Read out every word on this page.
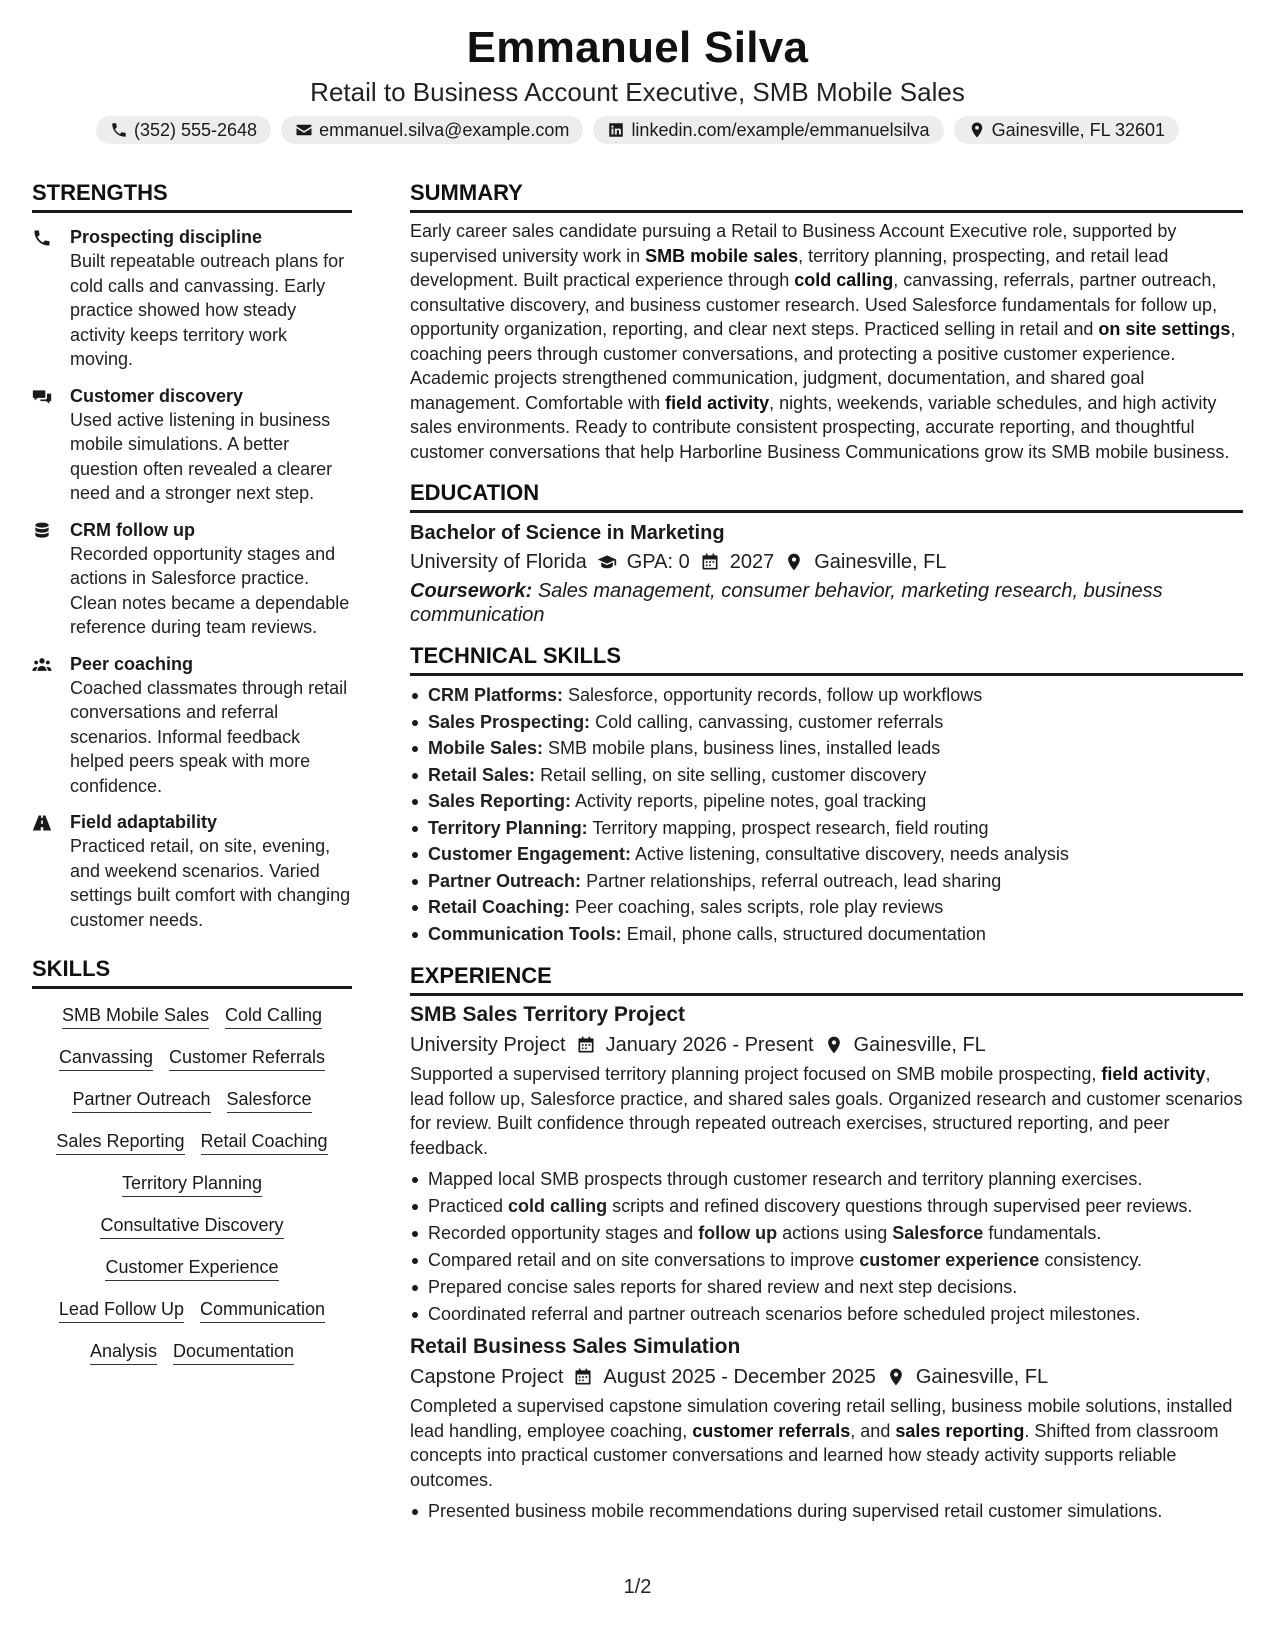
Emmanuel Silva
Retail to Business Account Executive, SMB Mobile Sales
(352) 555-2648	emmanuel.silva@example.com	linkedin.com/example/emmanuelsilva	Gainesville, FL 32601
STRENGTHS
Prospecting discipline
Built repeatable outreach plans for cold calls and canvassing. Early practice showed how steady activity keeps territory work moving.
Customer discovery
Used active listening in business mobile simulations. A better question often revealed a clearer need and a stronger next step.
CRM follow up
Recorded opportunity stages and actions in Salesforce practice. Clean notes became a dependable reference during team reviews.
Peer coaching
Coached classmates through retail conversations and referral scenarios. Informal feedback helped peers speak with more confidence.
Field adaptability
Practiced retail, on site, evening, and weekend scenarios. Varied settings built comfort with changing customer needs.
SKILLS
SMB Mobile Sales Cold Calling
Canvassing Customer Referrals
Partner Outreach Salesforce
Sales Reporting Retail Coaching
Territory Planning
Consultative Discovery
Customer Experience
Lead Follow Up Communication
Analysis Documentation
SUMMARY

Early career sales candidate pursuing a Retail to Business Account Executive role, supported by supervised university work in SMB mobile sales, territory planning, prospecting, and retail lead development. Built practical experience through cold calling, canvassing, referrals, partner outreach, consultative discovery, and business customer research. Used Salesforce fundamentals for follow up, opportunity organization, reporting, and clear next steps. Practiced selling in retail and on site settings, coaching peers through customer conversations, and protecting a positive customer experience. Academic projects strengthened communication, judgment, documentation, and shared goal management. Comfortable with field activity, nights, weekends, variable schedules, and high activity sales environments. Ready to contribute consistent prospecting, accurate reporting, and thoughtful customer conversations that help Harborline Business Communications grow its SMB mobile business.

EDUCATION
Bachelor of Science in Marketing
University of Florida GPA: 0 2027 Gainesville, FL
Coursework: Sales management, consumer behavior, marketing research, business communication
TECHNICAL SKILLS
CRM Platforms: Salesforce, opportunity records, follow up workflows
Sales Prospecting: Cold calling, canvassing, customer referrals
Mobile Sales: SMB mobile plans, business lines, installed leads
Retail Sales: Retail selling, on site selling, customer discovery
Sales Reporting: Activity reports, pipeline notes, goal tracking
Territory Planning: Territory mapping, prospect research, field routing
Customer Engagement: Active listening, consultative discovery, needs analysis
Partner Outreach: Partner relationships, referral outreach, lead sharing
Retail Coaching: Peer coaching, sales scripts, role play reviews
Communication Tools: Email, phone calls, structured documentation
EXPERIENCE
SMB Sales Territory Project
University Project January 2026 - Present Gainesville, FL

Supported a supervised territory planning project focused on SMB mobile prospecting, field activity, lead follow up, Salesforce practice, and shared sales goals. Organized research and customer scenarios for review. Built confidence through repeated outreach exercises, structured reporting, and peer feedback.

Mapped local SMB prospects through customer research and territory planning exercises.
Practiced cold calling scripts and refined discovery questions through supervised peer reviews.
Recorded opportunity stages and follow up actions using Salesforce fundamentals.
Compared retail and on site conversations to improve customer experience consistency.
Prepared concise sales reports for shared review and next step decisions.
Coordinated referral and partner outreach scenarios before scheduled project milestones.
Retail Business Sales Simulation
Capstone Project August 2025 - December 2025 Gainesville, FL

Completed a supervised capstone simulation covering retail selling, business mobile solutions, installed lead handling, employee coaching, customer referrals, and sales reporting. Shifted from classroom concepts into practical customer conversations and learned how steady activity supports reliable outcomes.

Presented business mobile recommendations during supervised retail customer simulations.
1/2
